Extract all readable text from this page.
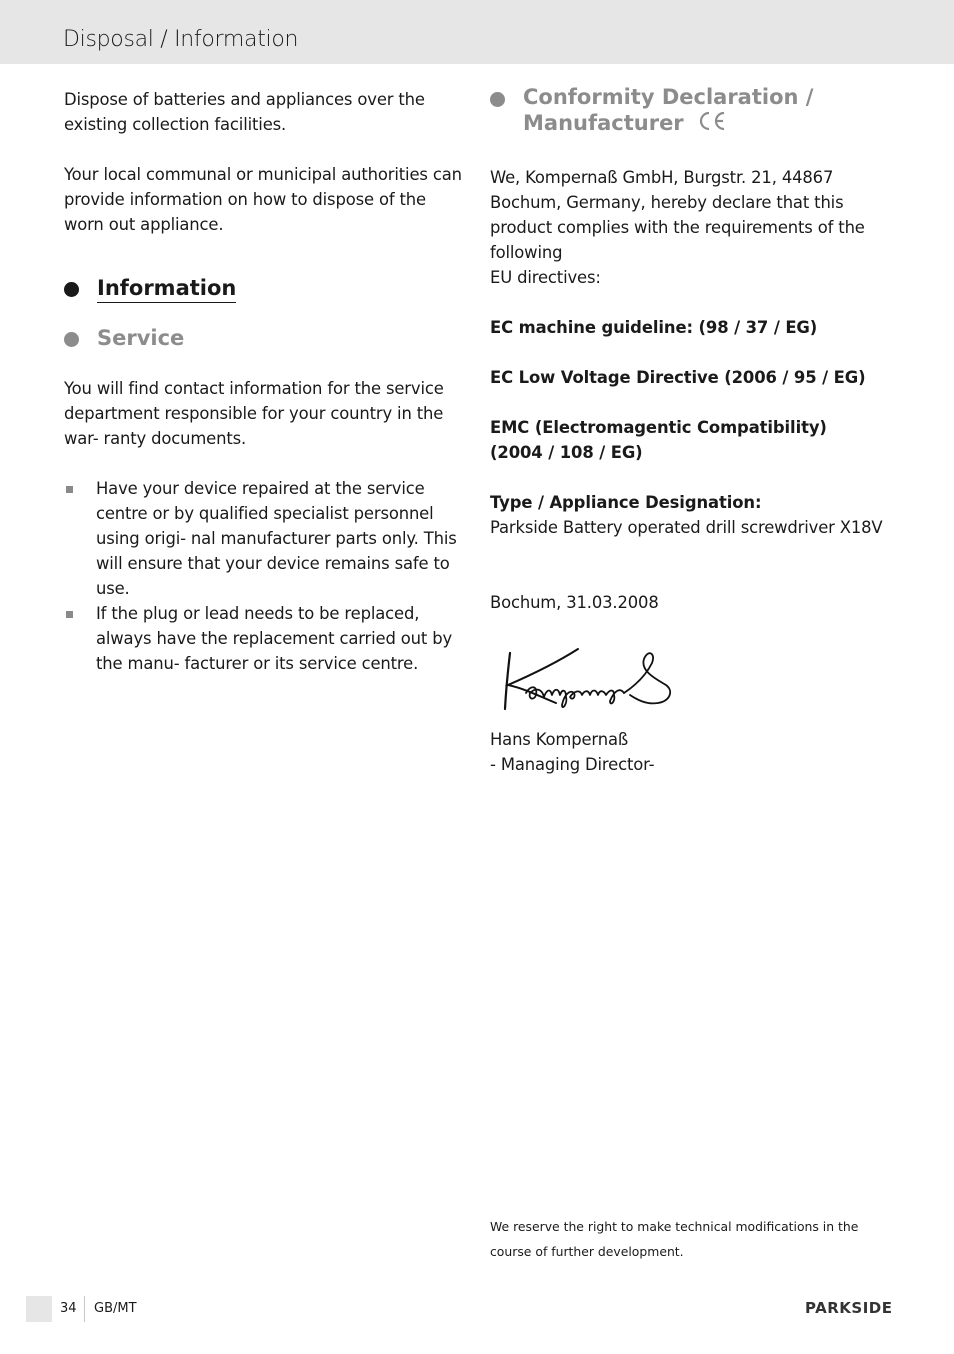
Disposal / Information

Dispose of batteries and appliances over the existing collection facilities.

Your local communal or municipal authorities can provide information on how to dispose of the worn out appliance.

Information
Service

You will find contact information for the service department responsible for your country in the war- ranty documents.

Have your device repaired at the service centre or by qualified specialist personnel using origi- nal manufacturer parts only. This will ensure that your device remains safe to use.
If the plug or lead needs to be replaced, always have the replacement carried out by the manu- facturer or its service centre.
Conformity Declaration /
Manufacturer

We, Kompernaß GmbH, Burgstr. 21, 44867 Bochum, Germany, hereby declare that this product complies with the requirements of the following

EU directives:

EC machine guideline: (98 / 37 / EG)

EC Low Voltage Directive (2006 / 95 / EG)

EMC (Electromagentic Compatibility)

(2004 / 108 / EG)

Type / Appliance Designation:

Parkside Battery operated drill screwdriver X18V

Bochum, 31.03.2008

Hans Kompernaß

- Managing Director-

We reserve the right to make technical modifications in the course of further development.
34 GB/MT	PARKSIDE
